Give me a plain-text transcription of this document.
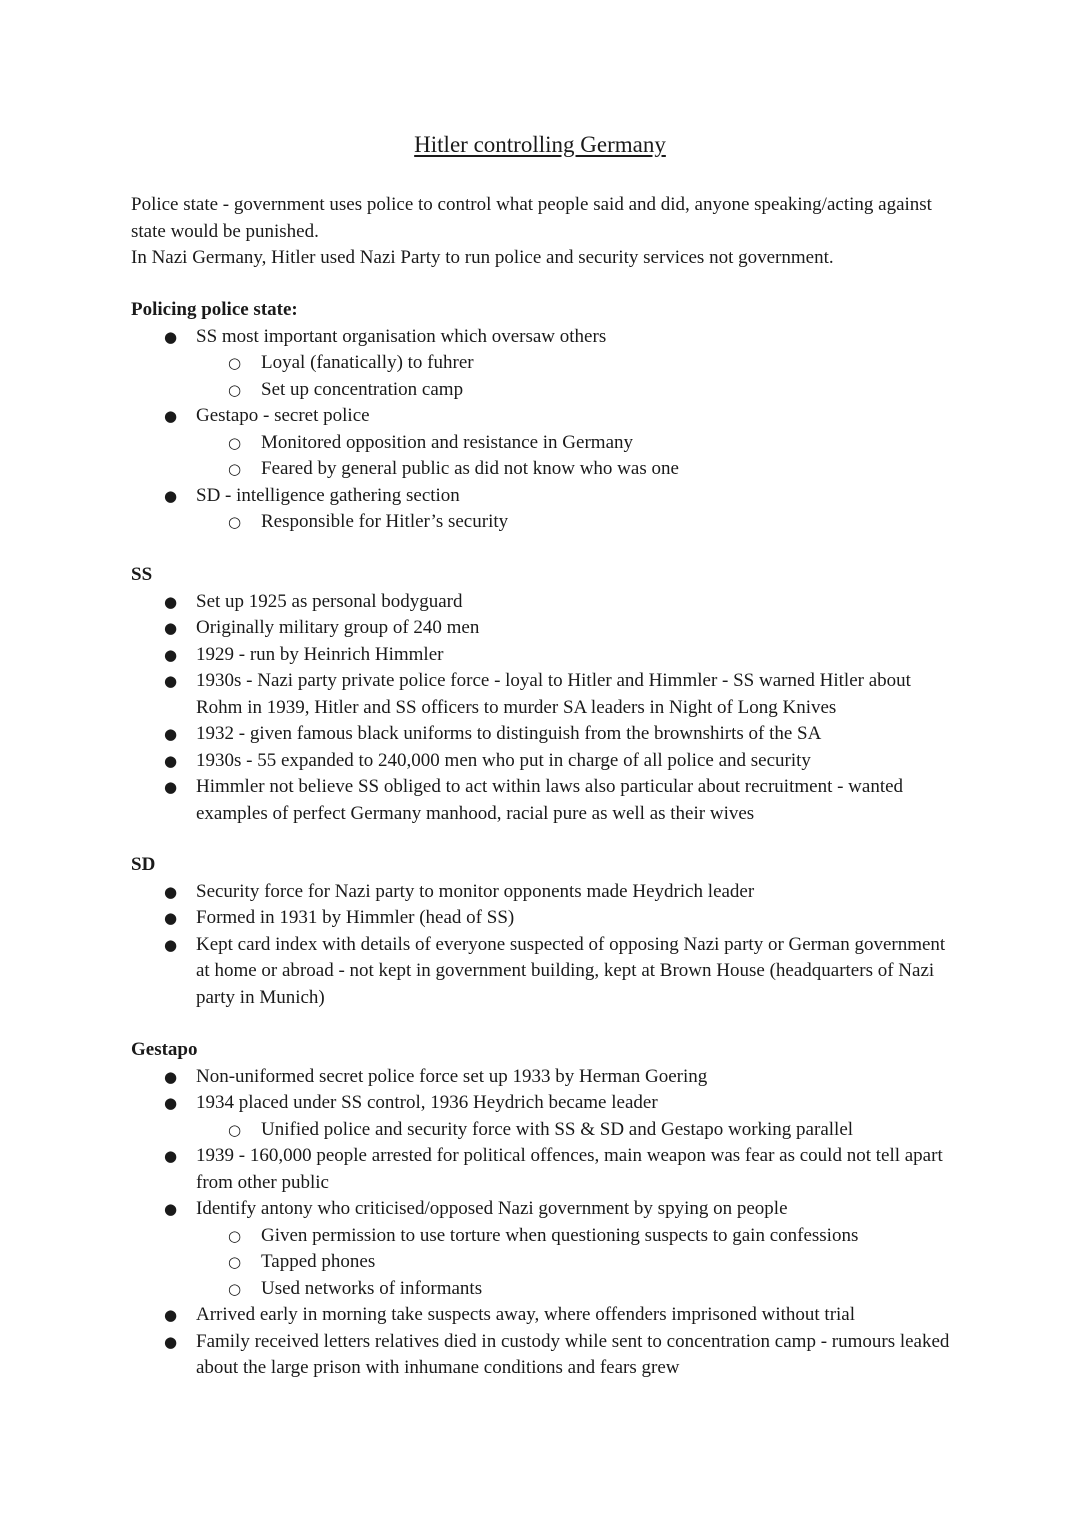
Hitler controlling Germany

Police state - government uses police to control what people said and did, anyone speaking/acting against state would be punished.

In Nazi Germany, Hitler used Nazi Party to run police and security services not government.

Policing police state:

● SS most important organisation which oversaw others
○ Loyal (fanatically) to fuhrer
○ Set up concentration camp
● Gestapo - secret police
○ Monitored opposition and resistance in Germany
○ Feared by general public as did not know who was one
● SD - intelligence gathering section
○ Responsible for Hitler’s security

SS

● Set up 1925 as personal bodyguard
● Originally military group of 240 men
● 1929 - run by Heinrich Himmler
● 1930s - Nazi party private police force - loyal to Hitler and Himmler - SS warned Hitler about Rohm in 1939, Hitler and SS officers to murder SA leaders in Night of Long Knives
● 1932 - given famous black uniforms to distinguish from the brownshirts of the SA
● 1930s - 55 expanded to 240,000 men who put in charge of all police and security
● Himmler not believe SS obliged to act within laws also particular about recruitment - wanted examples of perfect Germany manhood, racial pure as well as their wives

SD

● Security force for Nazi party to monitor opponents made Heydrich leader
● Formed in 1931 by Himmler (head of SS)
● Kept card index with details of everyone suspected of opposing Nazi party or German government at home or abroad - not kept in government building, kept at Brown House (headquarters of Nazi party in Munich)

Gestapo

● Non-uniformed secret police force set up 1933 by Herman Goering
● 1934 placed under SS control, 1936 Heydrich became leader
○ Unified police and security force with SS & SD and Gestapo working parallel
● 1939 - 160,000 people arrested for political offences, main weapon was fear as could not tell apart from other public
● Identify antony who criticised/opposed Nazi government by spying on people
○ Given permission to use torture when questioning suspects to gain confessions
○ Tapped phones
○ Used networks of informants
● Arrived early in morning take suspects away, where offenders imprisoned without trial
● Family received letters relatives died in custody while sent to concentration camp - rumours leaked about the large prison with inhumane conditions and fears grew
